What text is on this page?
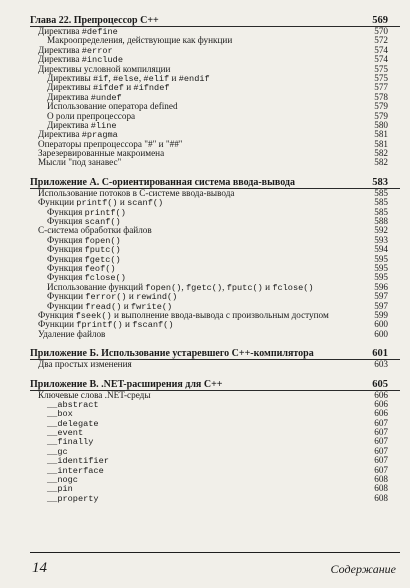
Глава 22. Препроцессор С++	569
Директива #define	570
Макроопределения, действующие как функции	572
Директива #error	574
Директива #include	574
Директивы условной компиляции	575
Директивы #if, #else, #elif и #endif	575
Директивы #ifdef и #ifndef	577
Директива #undef	578
Использование оператора defined	579
О роли препроцессора	579
Директива #line	580
Директива #pragma	581
Операторы препроцессора "#" и "##"	581
Зарезервированные макроимена	582
Мысли "под занавес"	582
Приложение А. C-ориентированная система ввода-вывода	583
Использование потоков в C-системе ввода-вывода	585
Функции printf() и scanf()	585
Функция printf()	585
Функция scanf()	588
C-система обработки файлов	592
Функция fopen()	593
Функция fputc()	594
Функция fgetc()	595
Функция feof()	595
Функция fclose()	595
Использование функций fopen(), fgetc(), fputc() и fclose()	596
Функции ferror() и rewind()	597
Функции fread() и fwrite()	597
Функция fseek() и выполнение ввода-вывода с произвольным доступом	599
Функции fprintf() и fscanf()	600
Удаление файлов	600
Приложение Б. Использование устаревшего С++-компилятора	601
Два простых изменения	603
Приложение В. .NET-расширения для С++	605
Ключевые слова .NET-среды	606
__abstract	606
__box	606
__delegate	607
__event	607
__finally	607
__gc	607
__identifier	607
__interface	607
__nogc	608
__pin	608
__property	608
14	Содержание
